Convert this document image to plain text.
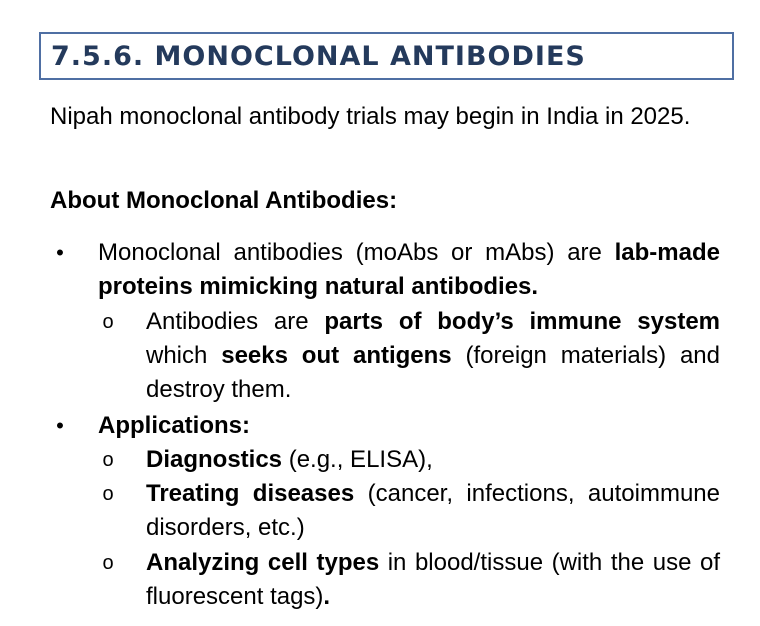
7.5.6. MONOCLONAL ANTIBODIES
Nipah monoclonal antibody trials may begin in India in 2025.
About Monoclonal Antibodies:
• Monoclonal antibodies (moAbs or mAbs) are lab-made proteins mimicking natural antibodies.
o Antibodies are parts of body’s immune system which seeks out antigens (foreign materials) and destroy them.
• Applications:
o Diagnostics (e.g., ELISA),
o Treating diseases (cancer, infections, autoimmune disorders, etc.)
o Analyzing cell types in blood/tissue (with the use of fluorescent tags).
